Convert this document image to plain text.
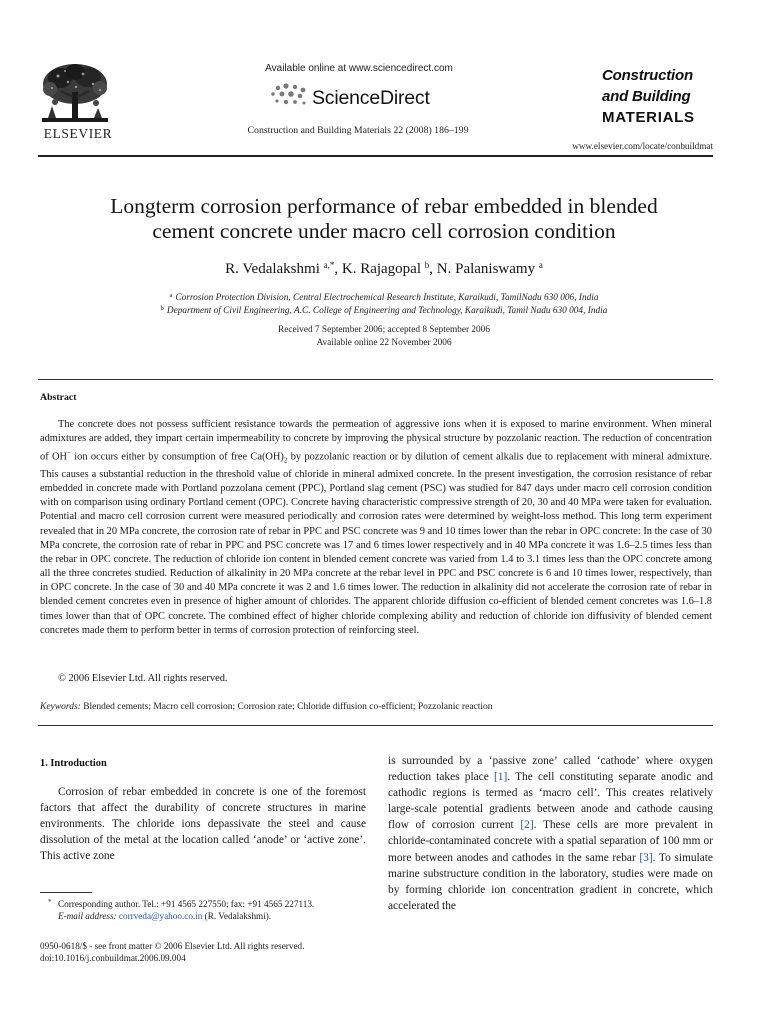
ELSEVIER
Available online at www.sciencedirect.com
ScienceDirect
Construction and Building Materials 22 (2008) 186–199
Construction
and Building
MATERIALS
www.elsevier.com/locate/conbuildmat
Longterm corrosion performance of rebar embedded in blended
cement concrete under macro cell corrosion condition
R. Vedalakshmi $^{a,*}$, K. Rajagopal $^b$, N. Palaniswamy $^a$
$^a$ Corrosion Protection Division, Central Electrochemical Research Institute, Karaikudi, TamilNadu 630 006, India
$^b$ Department of Civil Engineering, A.C. College of Engineering and Technology, Karaikudi, Tamil Nadu 630 004, India
Received 7 September 2006; accepted 8 September 2006
Available online 22 November 2006
Abstract
The concrete does not possess sufficient resistance towards the permeation of aggressive ions when it is exposed to marine environment. When mineral admixtures are added, they impart certain impermeability to concrete by improving the physical structure by pozzolanic reaction. The reduction of concentration of OH− ion occurs either by consumption of free $Ca(OH)_2$ by pozzolanic reaction or by dilution of cement alkalis due to replacement with mineral admixture. This causes a substantial reduction in the threshold value of chloride in mineral admixed concrete. In the present investigation, the corrosion resistance of rebar embedded in concrete made with Portland pozzolana cement (PPC), Portland slag cement (PSC) was studied for 847 days under macro cell corrosion condition with on comparison using ordinary Portland cement (OPC). Concrete having characteristic compressive strength of 20, 30 and 40 MPa were taken for evaluation. Potential and macro cell corrosion current were measured periodically and corrosion rates were determined by weight-loss method. This long term experiment revealed that in 20 MPa concrete, the corrosion rate of rebar in PPC and PSC concrete was 9 and 10 times lower than the rebar in OPC concrete: In the case of 30 MPa concrete, the corrosion rate of rebar in PPC and PSC concrete was 17 and 6 times lower respectively and in 40 MPa concrete it was 1.6–2.5 times less than the rebar in OPC concrete. The reduction of chloride ion content in blended cement concrete was varied from 1.4 to 3.1 times less than the OPC concrete among all the three concretes studied. Reduction of alkalinity in 20 MPa concrete at the rebar level in PPC and PSC concrete is 6 and 10 times lower, respectively, than in OPC concrete. In the case of 30 and 40 MPa concrete it was 2 and 1.6 times lower. The reduction in alkalinity did not accelerate the corrosion rate of rebar in blended cement concretes even in presence of higher amount of chlorides. The apparent chloride diffusion co-efficient of blended cement concretes was 1.6–1.8 times lower than that of OPC concrete. The combined effect of higher chloride complexing ability and reduction of chloride ion diffusivity of blended cement concretes made them to perform better in terms of corrosion protection of reinforcing steel.
© 2006 Elsevier Ltd. All rights reserved.
Keywords: Blended cements; Macro cell corrosion; Corrosion rate; Chloride diffusion co-efficient; Pozzolanic reaction
1. Introduction
Corrosion of rebar embedded in concrete is one of the foremost factors that affect the durability of concrete structures in marine environments. The chloride ions depassivate the steel and cause dissolution of the metal at the location called ‘anode’ or ‘active zone’. This active zone
is surrounded by a ‘passive zone’ called ‘cathode’ where oxygen reduction takes place [1]. The cell constituting separate anodic and cathodic regions is termed as ‘macro cell’. This creates relatively large-scale potential gradients between anode and cathode causing flow of corrosion current [2]. These cells are more prevalent in chloride-contaminated concrete with a spatial separation of 100 mm or more between anodes and cathodes in the same rebar [3]. To simulate marine substructure condition in the laboratory, studies were made on by forming chloride ion concentration gradient in concrete, which accelerated the
* Corresponding author. Tel.: +91 4565 227550; fax: +91 4565 227113.
E-mail address: corrveda@yahoo.co.in (R. Vedalakshmi).
0950-0618/$ - see front matter © 2006 Elsevier Ltd. All rights reserved.
doi:10.1016/j.conbuildmat.2006.09.004
